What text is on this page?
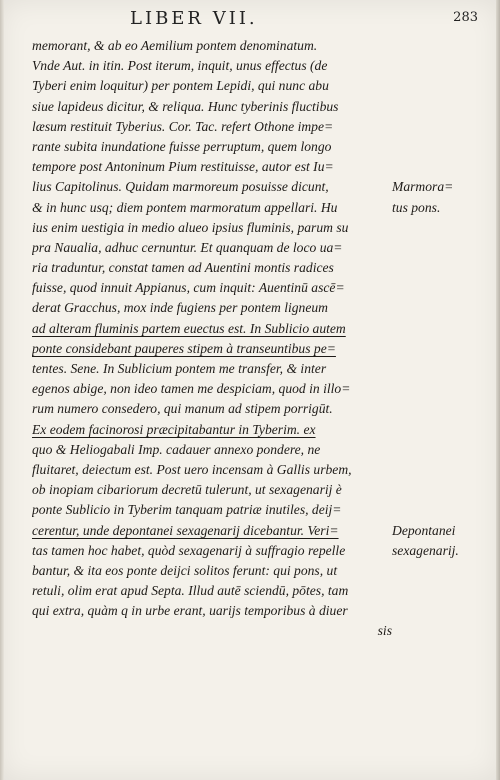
LIBER VII.	283
memorant, & ab eo Aemilium pontem denominatum.
Vnde Aut. in itin. Post iterum, inquit, unus effectus (de
Tyberi enim loquitur) per pontem Lepidi, qui nunc abu
siue lapideus dicitur, & reliqua. Hunc tyberinis fluctibus
læsum restituit Tyberius. Cor. Tac. refert Othone impe=
rante subita inundatione fuisse perruptum, quem longo
tempore post Antoninum Pium restituisse, autor est Iu=
lius Capitolinus. Quidam marmoreum posuisse dicunt,
& in hunc usq; diem pontem marmoratum appellari. Hu
ius enim uestigia in medio alueo ipsius fluminis, parum su
pra Naualia, adhuc cernuntur. Et quanquam de loco ua=
ria traduntur, constat tamen ad Auentini montis radices
fuisse, quod innuit Appianus, cum inquit: Auentinū ascē=
derat Gracchus, mox inde fugiens per pontem ligneum
ad alteram fluminis partem euectus est. In Sublicio autem
ponte considebant pauperes stipem à transeuntibus pe=
tentes. Sene. In Sublicium pontem me transfer, & inter
egenos abige, non ideo tamen me despiciam, quod in illo=
rum numero consedero, qui manum ad stipem porrigūt.
Ex eodem facinorosi præcipitabantur in Tyberim. ex
quo & Heliogabali Imp. cadauer annexo pondere, ne
fluitaret, deiectum est. Post uero incensam à Gallis urbem,
ob inopiam cibariorum decretū tulerunt, ut sexagenarij è
ponte Sublicio in Tyberim tanquam patriæ inutiles, deij=
cerentur, unde depontanei sexagenarij dicebantur. Veri=
tas tamen hoc habet, quòd sexagenarij à suffragio repelle
bantur, & ita eos ponte deijci solitos ferunt: qui pons, ut
retuli, olim erat apud Septa. Illud autē sciendū, pōtes, tam
qui extra, quàm q in urbe erant, uarijs temporibus à diuer
sis
Marmora=
tus pons.
Depontanei
sexagenarij.
